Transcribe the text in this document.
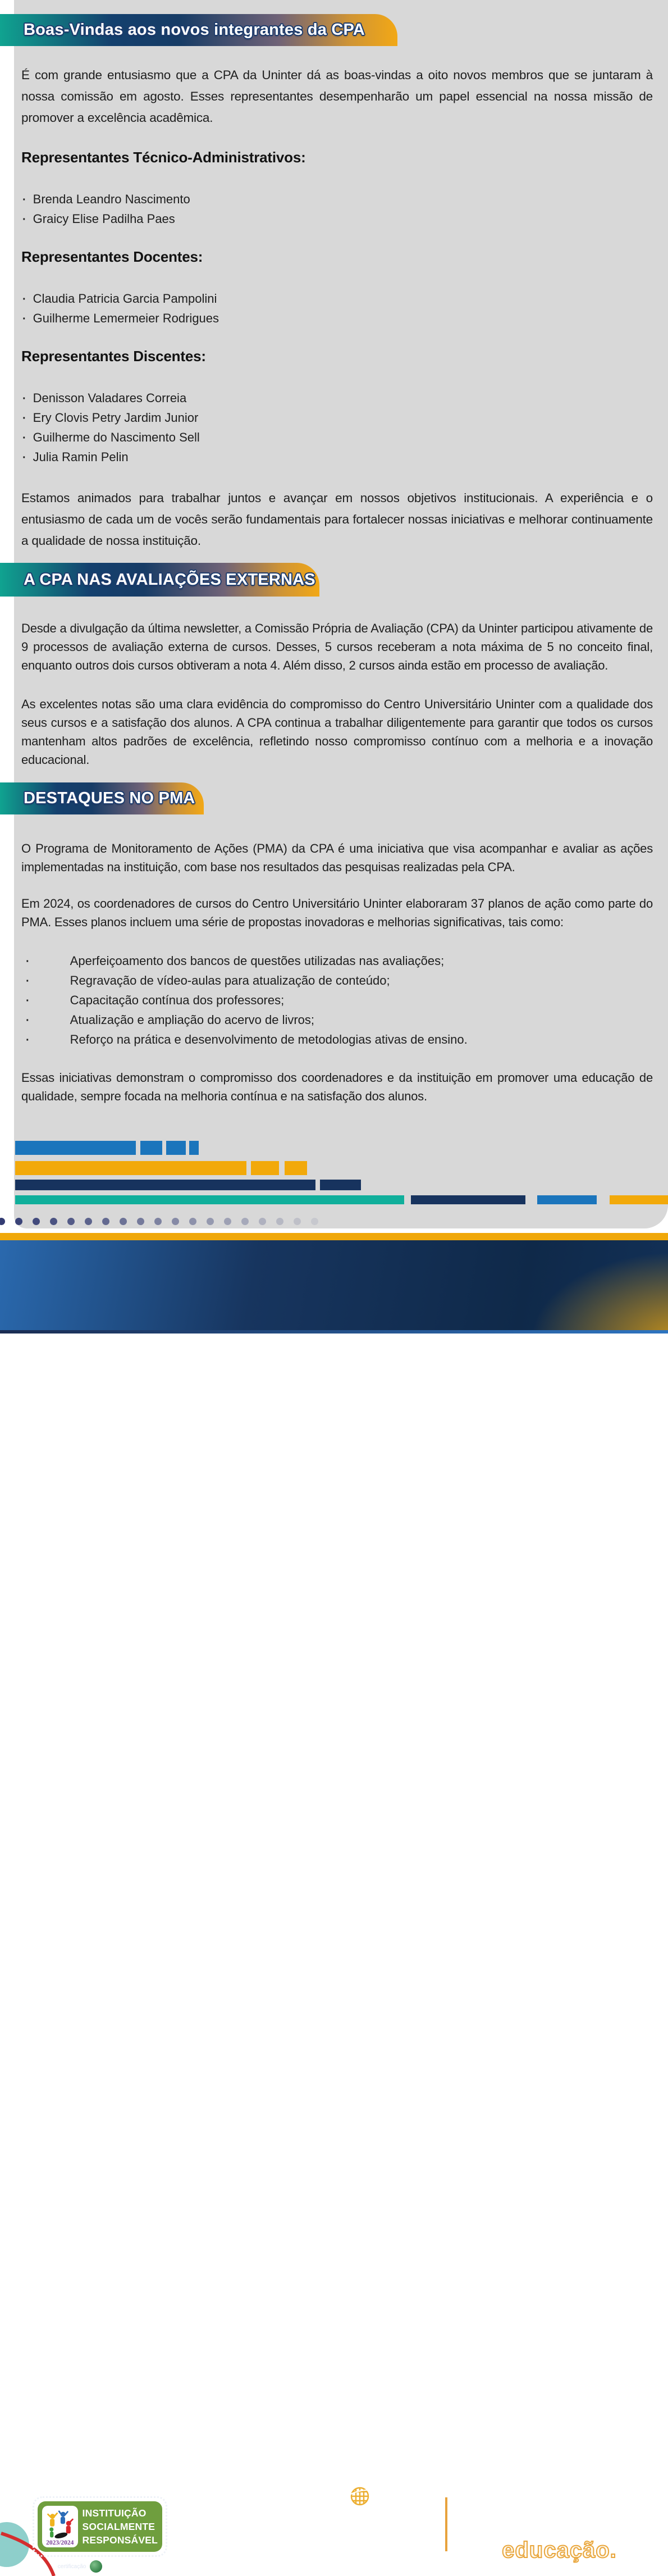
Boas-Vindas aos novos integrantes da CPA

É com grande entusiasmo que a CPA da Uninter dá as boas-vindas a oito novos membros que se juntaram à nossa comissão em agosto. Esses representantes desempenharão um papel essencial na nossa missão de promover a excelência acadêmica.

Representantes Técnico-Administrativos:
· Brenda Leandro Nascimento
· Graicy Elise Padilha Paes
Representantes Docentes:
· Claudia Patricia Garcia Pampolini
· Guilherme Lemermeier Rodrigues
Representantes Discentes:
· Denisson Valadares Correia
· Ery Clovis Petry Jardim Junior
· Guilherme do Nascimento Sell
· Julia Ramin Pelin

Estamos animados para trabalhar juntos e avançar em nossos objetivos institucionais. A experiência e o entusiasmo de cada um de vocês serão fundamentais para fortalecer nossas iniciativas e melhorar continuamente a qualidade de nossa instituição.

A CPA NAS AVALIAÇÕES EXTERNAS

Desde a divulgação da última newsletter, a Comissão Própria de Avaliação (CPA) da Uninter participou ativamente de 9 processos de avaliação externa de cursos. Desses, 5 cursos receberam a nota máxima de 5 no conceito final, enquanto outros dois cursos obtiveram a nota 4. Além disso, 2 cursos ainda estão em processo de avaliação.

As excelentes notas são uma clara evidência do compromisso do Centro Universitário Uninter com a qualidade dos seus cursos e a satisfação dos alunos. A CPA continua a trabalhar diligentemente para garantir que todos os cursos mantenham altos padrões de excelência, refletindo nosso compromisso contínuo com a melhoria e a inovação educacional.

DESTAQUES NO PMA

O Programa de Monitoramento de Ações (PMA) da CPA é uma iniciativa que visa acompanhar e avaliar as ações implementadas na instituição, com base nos resultados das pesquisas realizadas pela CPA.

Em 2024, os coordenadores de cursos do Centro Universitário Uninter elaboraram 37 planos de ação como parte do PMA. Esses planos incluem uma série de propostas inovadoras e melhorias significativas, tais como:

·	Aperfeiçoamento dos bancos de questões utilizadas nas avaliações;
·	Regravação de vídeo-aulas para atualização de conteúdo;
·	Capacitação contínua dos professores;
·	Atualização e ampliação do acervo de livros;
·	Reforço na prática e desenvolvimento de metodologias ativas de ensino.

Essas iniciativas demonstram o compromisso dos coordenadores e da instituição em promover uma educação de qualidade, sempre focada na melhoria contínua e na satisfação dos alunos.

RESPONSABILIDADE SOCIAL DAS IES
2023/2024
INSTITUIÇÃO
SOCIALMENTE
RESPONSÁVEL
certificação ABMES
CPA
COMISSÃO PRÓPRIA
DE AVALIAÇÃO
uninter.com/cpa
UNINTER
CENTRO
UNIVERSITÁRIO
INTERNACIONAL
Transformando
vidas por meio
da educação.
